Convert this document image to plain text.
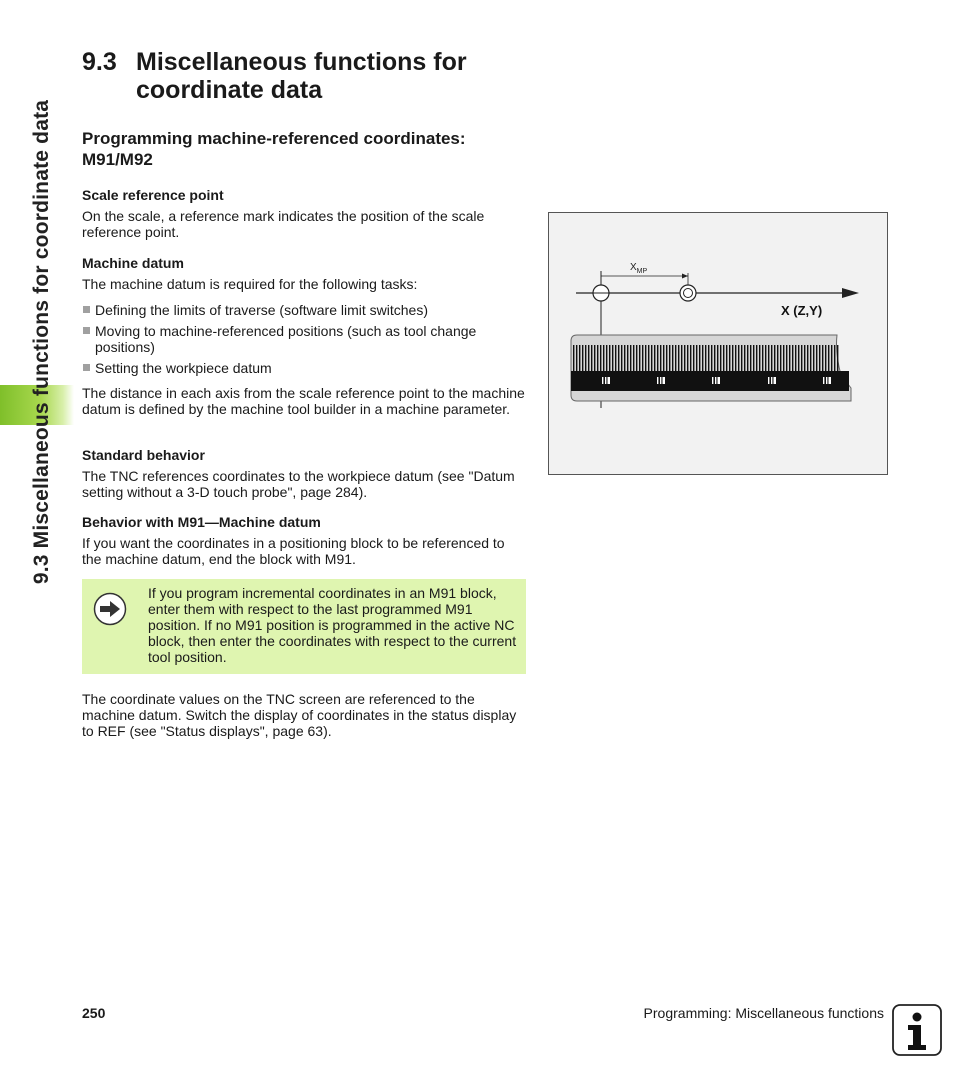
9.3 Miscellaneous functions for coordinate data
9.3 Miscellaneous functions for coordinate data
Programming machine-referenced coordinates: M91/M92
Scale reference point

On the scale, a reference mark indicates the position of the scale reference point.

Machine datum

The machine datum is required for the following tasks:

Defining the limits of traverse (software limit switches)
Moving to machine-referenced positions (such as tool change positions)
Setting the workpiece datum

The distance in each axis from the scale reference point to the machine datum is defined by the machine tool builder in a machine parameter.

Standard behavior

The TNC references coordinates to the workpiece datum (see "Datum setting without a 3-D touch probe", page 284).

Behavior with M91—Machine datum

If you want the coordinates in a positioning block to be referenced to the machine datum, end the block with M91.

If you program incremental coordinates in an M91 block, enter them with respect to the last programmed M91 position. If no M91 position is programmed in the active NC block, then enter the coordinates with respect to the current tool position.

The coordinate values on the TNC screen are referenced to the machine datum. Switch the display of coordinates in the status display to REF (see "Status displays", page 63).

$X_{MP}$
X (Z,Y)
250	Programming: Miscellaneous functions
